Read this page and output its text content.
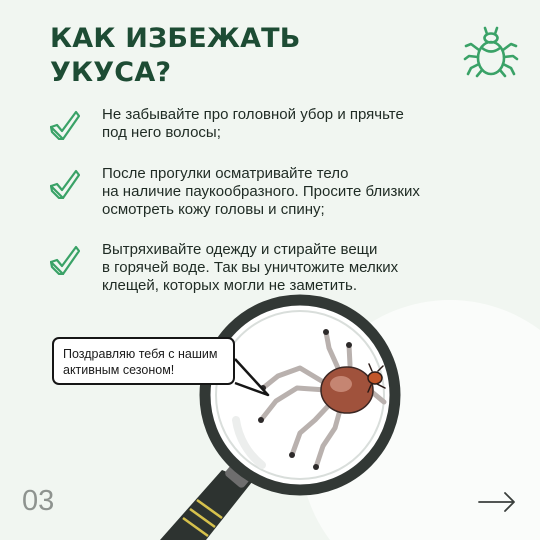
КАК ИЗБЕЖАТЬ
УКУСА?
Не забывайте про головной убор и прячьте
под него волосы;
После прогулки осматривайте тело
на наличие паукообразного. Просите близких
осмотреть кожу головы и спину;
Вытряхивайте одежду и стирайте вещи
в горячей воде. Так вы уничтожите мелких
клещей, которых могли не заметить.
Поздравляю тебя с нашим
активным сезоном!
03
